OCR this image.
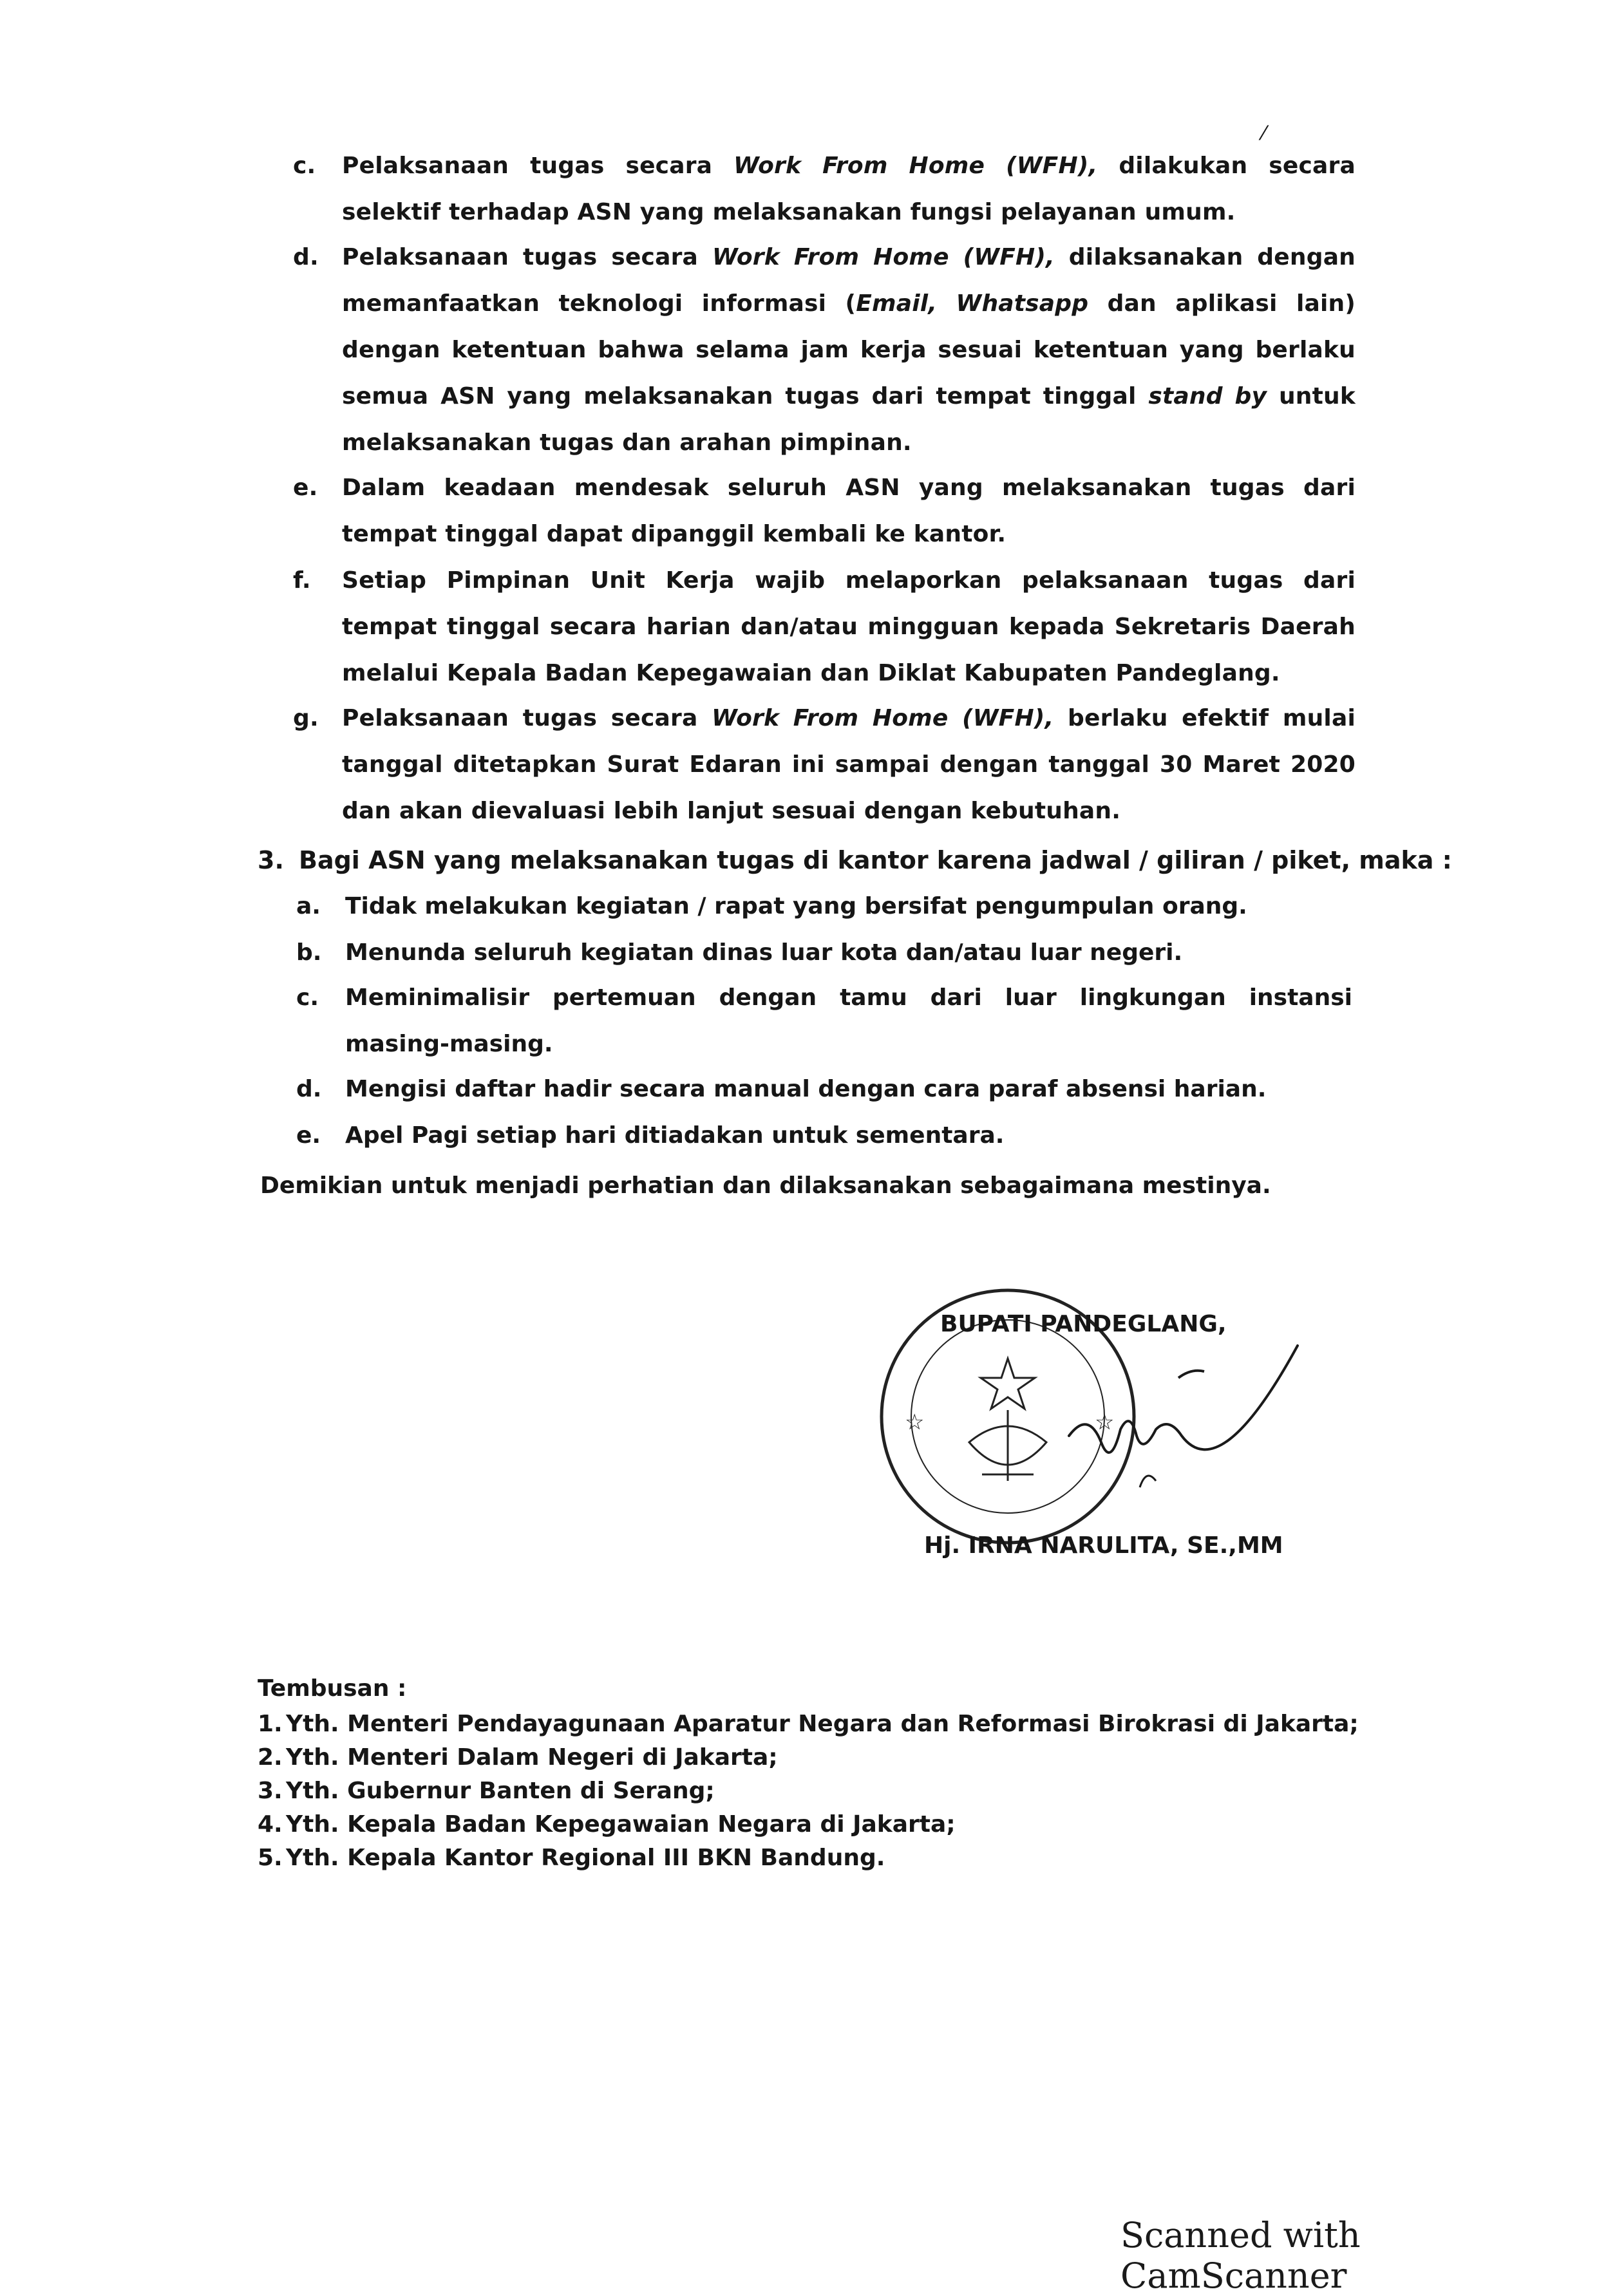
⁄
c.	Pelaksanaan tugas secara Work From Home (WFH), dilakukan secara selektif terhadap ASN yang melaksanakan fungsi pelayanan umum.
d.	Pelaksanaan tugas secara Work From Home (WFH), dilaksanakan dengan memanfaatkan teknologi informasi (Email, Whatsapp dan aplikasi lain) dengan ketentuan bahwa selama jam kerja sesuai ketentuan yang berlaku semua ASN yang melaksanakan tugas dari tempat tinggal stand by untuk melaksanakan tugas dan arahan pimpinan.
e.	Dalam keadaan mendesak seluruh ASN yang melaksanakan tugas dari tempat tinggal dapat dipanggil kembali ke kantor.
f.	Setiap Pimpinan Unit Kerja wajib melaporkan pelaksanaan tugas dari tempat tinggal secara harian dan/atau mingguan kepada Sekretaris Daerah melalui Kepala Badan Kepegawaian dan Diklat Kabupaten Pandeglang.
g.	Pelaksanaan tugas secara Work From Home (WFH), berlaku efektif mulai tanggal ditetapkan Surat Edaran ini sampai dengan tanggal 30 Maret 2020 dan akan dievaluasi lebih lanjut sesuai dengan kebutuhan.
3. Bagi ASN yang melaksanakan tugas di kantor karena jadwal / giliran / piket, maka :
a.	Tidak melakukan kegiatan / rapat yang bersifat pengumpulan orang.
b.	Menunda seluruh kegiatan dinas luar kota dan/atau luar negeri.
c.	Meminimalisir pertemuan dengan tamu dari luar lingkungan instansi masing-masing.
d.	Mengisi daftar hadir secara manual dengan cara paraf absensi harian.
e.	Apel Pagi setiap hari ditiadakan untuk sementara.
Demikian untuk menjadi perhatian dan dilaksanakan sebagaimana mestinya.
☆	☆
BUPATI PANDEGLANG,
Hj. IRNA NARULITA, SE.,MM
Tembusan :
1. Yth. Menteri Pendayagunaan Aparatur Negara dan Reformasi Birokrasi di Jakarta;
2. Yth. Menteri Dalam Negeri di Jakarta;
3. Yth. Gubernur Banten di Serang;
4. Yth. Kepala Badan Kepegawaian Negara di Jakarta;
5. Yth. Kepala Kantor Regional III BKN Bandung.
Scanned with CamScanner
